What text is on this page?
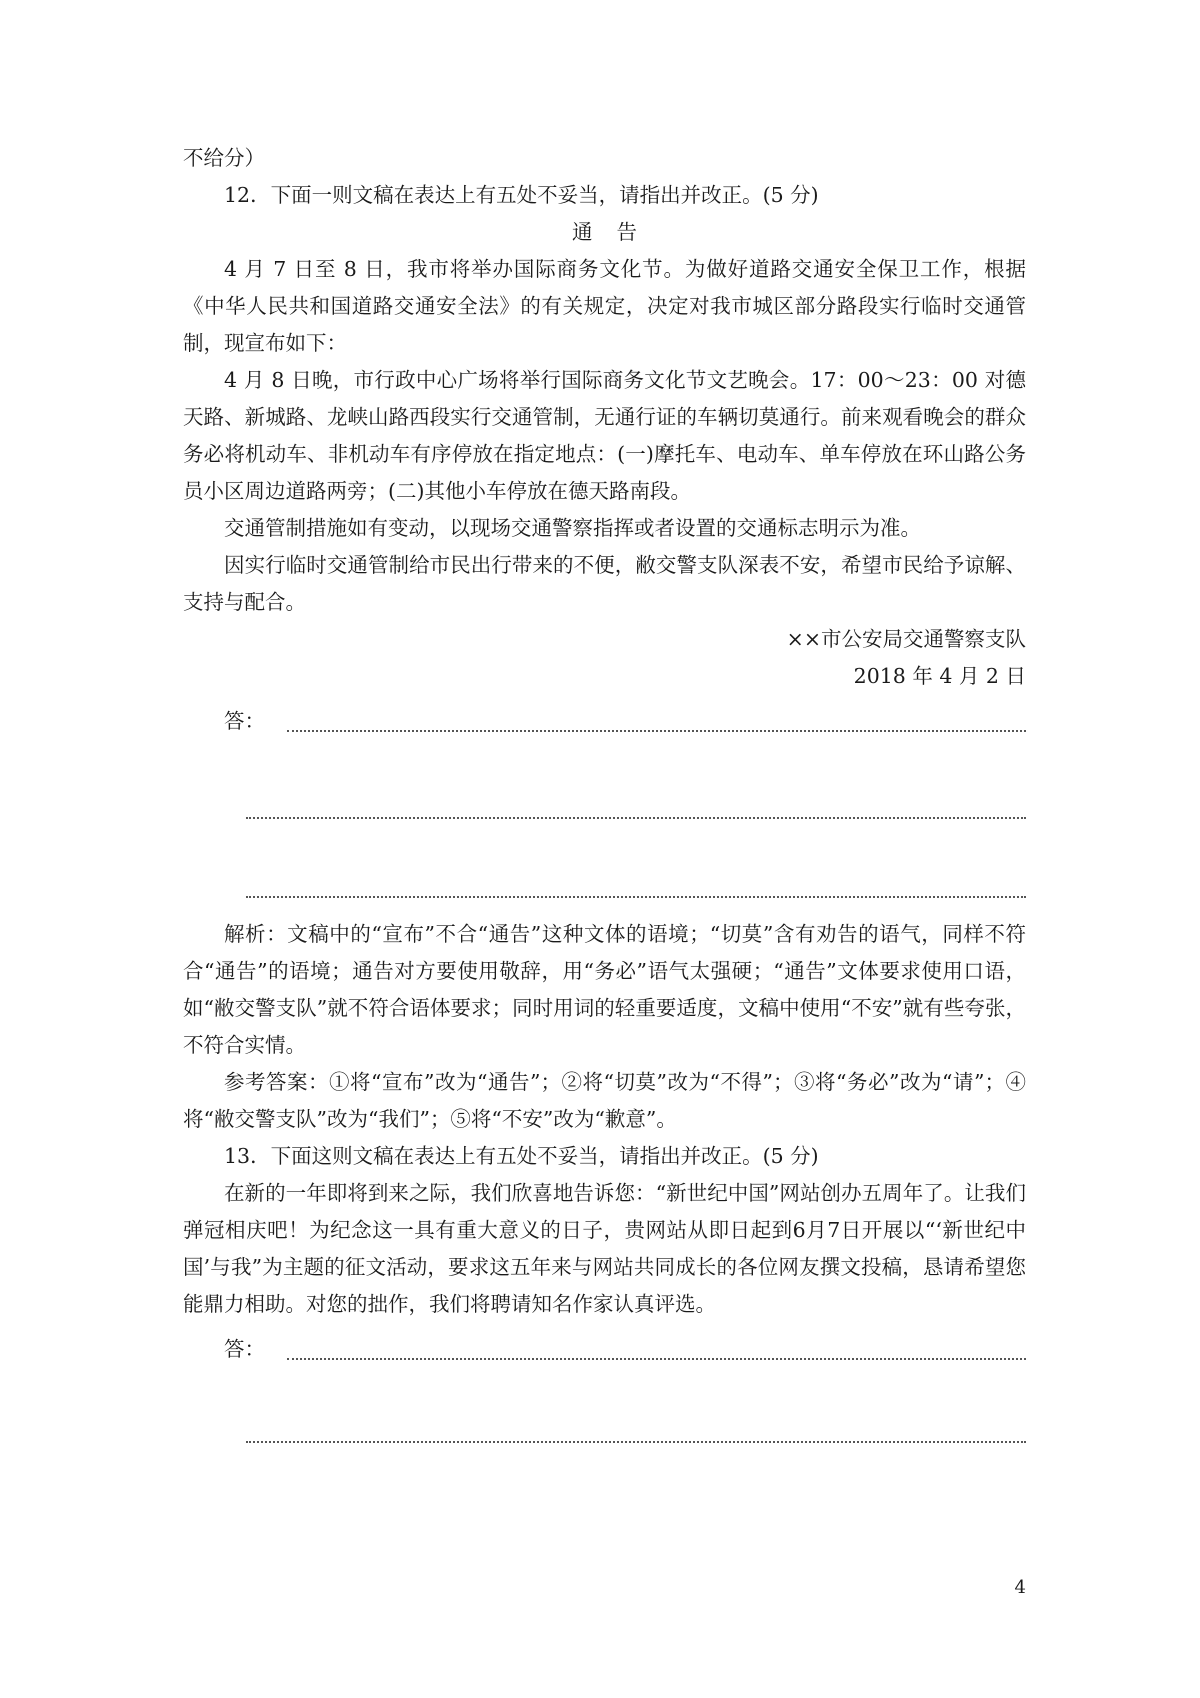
不给分）
12．下面一则文稿在表达上有五处不妥当，请指出并改正。(5 分)
通告
4 月 7 日至 8 日，我市将举办国际商务文化节。为做好道路交通安全保卫工作，根据《中华人民共和国道路交通安全法》的有关规定，决定对我市城区部分路段实行临时交通管制，现宣布如下：
4 月 8 日晚，市行政中心广场将举行国际商务文化节文艺晚会。17：00～23：00 对德天路、新城路、龙峡山路西段实行交通管制，无通行证的车辆切莫通行。前来观看晚会的群众务必将机动车、非机动车有序停放在指定地点：(一)摩托车、电动车、单车停放在环山路公务员小区周边道路两旁；(二)其他小车停放在德天路南段。
交通管制措施如有变动，以现场交通警察指挥或者设置的交通标志明示为准。
因实行临时交通管制给市民出行带来的不便，敝交警支队深表不安，希望市民给予谅解、支持与配合。
××市公安局交通警察支队
2018 年 4 月 2 日
答：
解析：文稿中的“宣布”不合“通告”这种文体的语境；“切莫”含有劝告的语气，同样不符合“通告”的语境；通告对方要使用敬辞，用“务必”语气太强硬；“通告”文体要求使用口语，如“敝交警支队”就不符合语体要求；同时用词的轻重要适度，文稿中使用“不安”就有些夸张，不符合实情。
参考答案：①将“宣布”改为“通告”；②将“切莫”改为“不得”；③将“务必”改为“请”；④将“敝交警支队”改为“我们”；⑤将“不安”改为“歉意”。
13．下面这则文稿在表达上有五处不妥当，请指出并改正。(5 分)
在新的一年即将到来之际，我们欣喜地告诉您：“新世纪中国”网站创办五周年了。让我们弹冠相庆吧！为纪念这一具有重大意义的日子，贵网站从即日起到6月7日开展以“‘新世纪中国’与我”为主题的征文活动，要求这五年来与网站共同成长的各位网友撰文投稿，恳请希望您能鼎力相助。对您的拙作，我们将聘请知名作家认真评选。
答：
4
